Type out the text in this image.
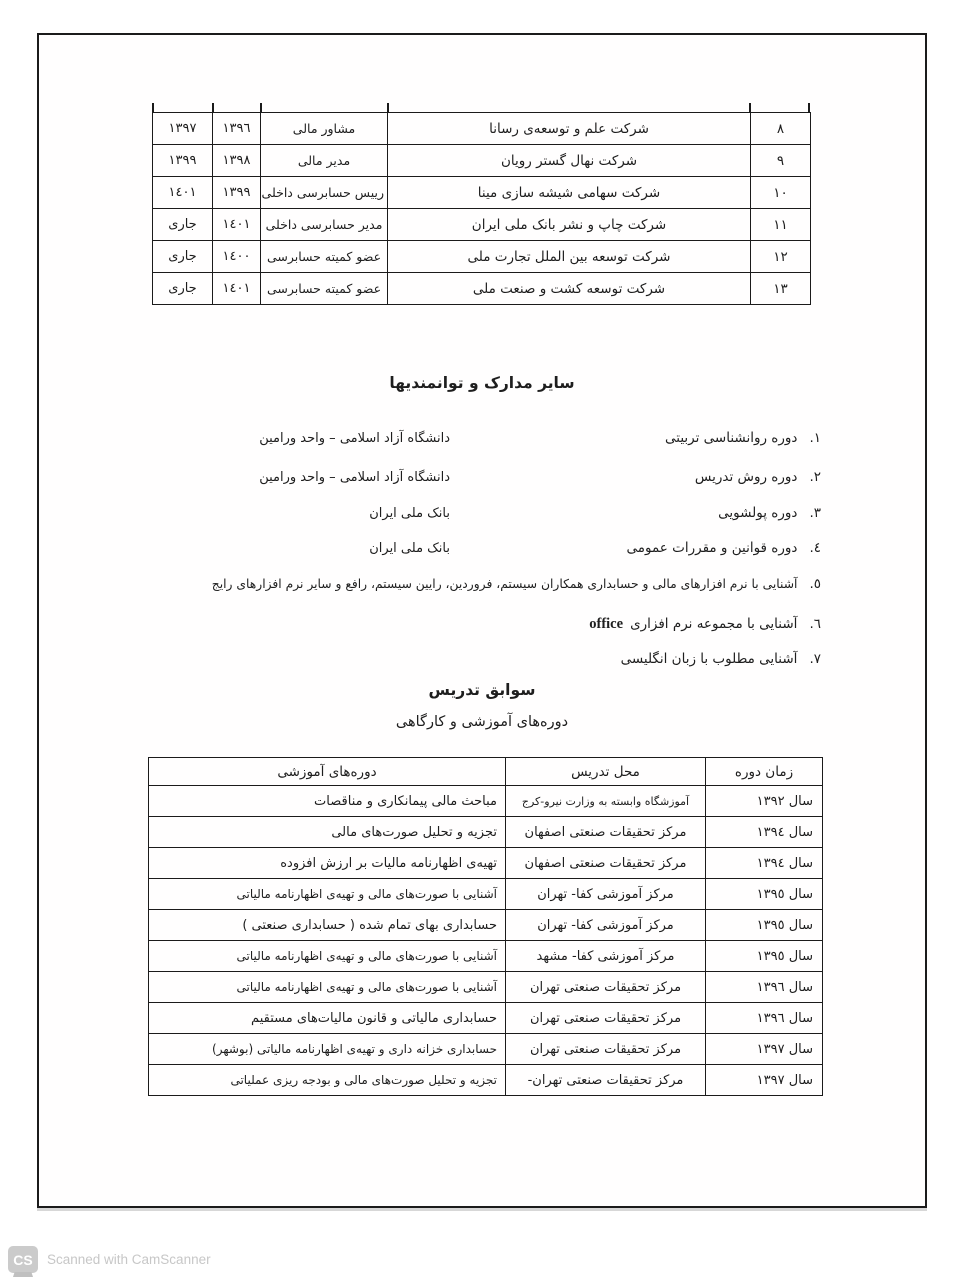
٨	شرکت علم و توسعه‌ی رسانا	مشاور مالی	١٣٩٦	١٣٩٧
٩	شرکت نهال گستر رویان	مدیر مالی	١٣٩٨	١٣٩٩
١٠	شرکت سهامی شیشه سازی مینا	رییس حسابرسی داخلی	١٣٩٩	١٤٠١
١١	شرکت چاپ و نشر بانک ملی ایران	مدیر حسابرسی داخلی	١٤٠١	جاری
١٢	شرکت توسعه بین الملل تجارت ملی	عضو کمیته حسابرسی	١٤٠٠	جاری
١٣	شرکت توسعه کشت و صنعت ملی	عضو کمیته حسابرسی	١٤٠١	جاری
سایر مدارک و توانمندیها
١.
دوره روانشناسی تربیتی
دانشگاه آزاد اسلامی – واحد ورامین
٢.
دوره روش تدریس
دانشگاه آزاد اسلامی – واحد ورامین
٣.
دوره پولشویی
بانک ملی ایران
٤.
دوره قوانین و مقررات عمومی
بانک ملی ایران
٥.
آشنایی با نرم افزارهای مالی و حسابداری همکاران سیستم، فروردین، رایین سیستم، رافع و سایر نرم افزارهای رایج
٦.
آشنایی با مجموعه نرم افزاری
office
٧.
آشنایی مطلوب با زبان انگلیسی
سوابق تدریس
دوره‌های آموزشی و کارگاهی
زمان دوره	محل تدریس	دوره‌های آموزشی
سال ١٣٩٢	آموزشگاه وابسته به وزارت نیرو-کرج	مباحث مالی پیمانکاری و مناقصات
سال ١٣٩٤	مرکز تحقیقات صنعتی اصفهان	تجزیه و تحلیل صورت‌های مالی
سال ١٣٩٤	مرکز تحقیقات صنعتی اصفهان	تهیه‌ی اظهارنامه مالیات بر ارزش افزوده
سال ١٣٩٥	مرکز آموزشی کفا- تهران	آشنایی با صورت‌های مالی و تهیه‌ی اظهارنامه مالیاتی
سال ١٣٩٥	مرکز آموزشی کفا- تهران	حسابداری بهای تمام شده ( حسابداری صنعتی )
سال ١٣٩٥	مرکز آموزشی کفا- مشهد	آشنایی با صورت‌های مالی و تهیه‌ی اظهارنامه مالیاتی
سال ١٣٩٦	مرکز تحقیقات صنعتی تهران	آشنایی با صورت‌های مالی و تهیه‌ی اظهارنامه مالیاتی
سال ١٣٩٦	مرکز تحقیقات صنعتی تهران	حسابداری مالیاتی و قانون مالیات‌های مستقیم
سال ١٣٩٧	مرکز تحقیقات صنعتی تهران	حسابداری خزانه داری و تهیه‌ی اظهارنامه مالیاتی (بوشهر)
سال ١٣٩٧	مرکز تحقیقات صنعتی تهران-	تجزیه و تحلیل صورت‌های مالی و بودجه ریزی عملیاتی
CS Scanned with CamScanner
